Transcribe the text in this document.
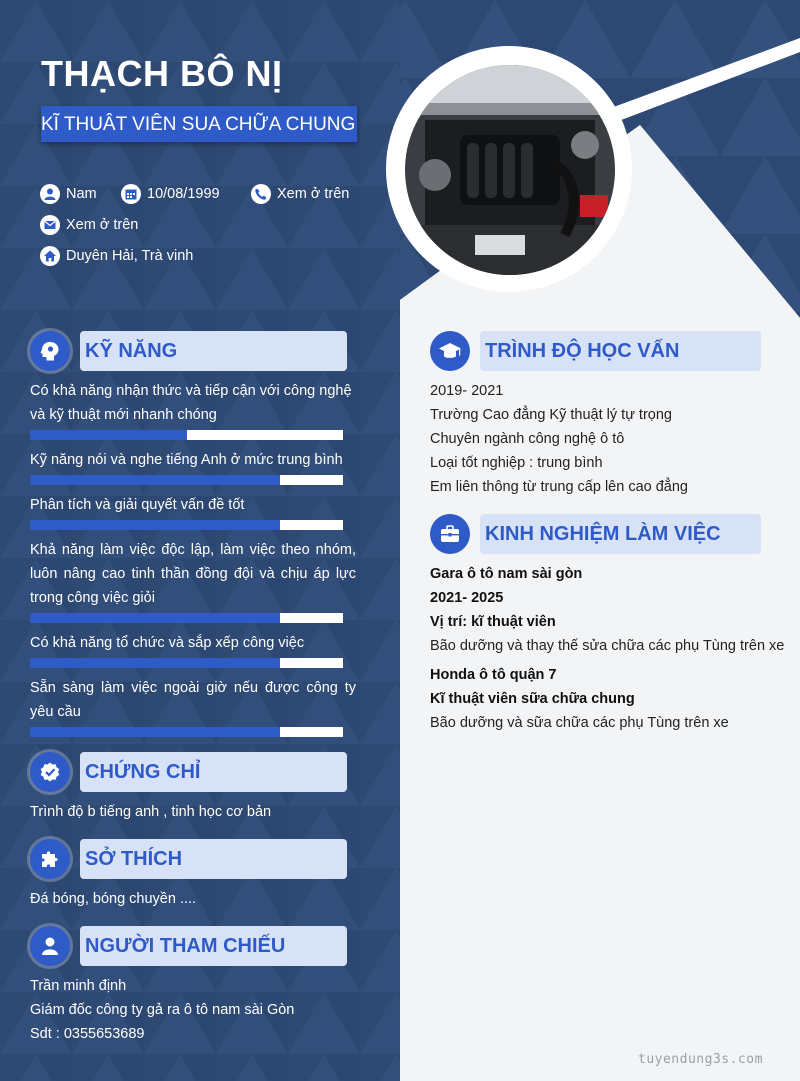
THẠCH BÔ NỊ
KĨ THUÂT VIÊN SUA CHỮA CHUNG
Nam	10/08/1999	Xem ở trên
Xem ở trên
Duyên Hải, Trà vinh
KỸ NĂNG
Có khả năng nhận thức và tiếp cận với công nghệ và kỹ thuật mới nhanh chóng
Kỹ năng nói và nghe tiếng Anh ở mức trung bình
Phân tích và giải quyết vấn đề tốt
Khả năng làm việc độc lập, làm việc theo nhóm, luôn nâng cao tinh thần đồng đội và chịu áp lực trong công việc giỏi
Có khả năng tổ chức và sắp xếp công việc
Sẵn sàng làm việc ngoài giờ nếu được công ty yêu cầu
CHỨNG CHỈ
Trình độ b tiếng anh , tinh học cơ bản
SỞ THÍCH
Đá bóng, bóng chuyền ....
NGƯỜI THAM CHIẾU
Trần minh định
Giám đốc công ty gả ra ô tô nam sài Gòn
Sdt : 0355653689
TRÌNH ĐỘ HỌC VẤN
2019- 2021
Trường Cao đẳng Kỹ thuật lý tự trọng
Chuyên ngành công nghệ ô tô
Loại tốt nghiệp : trung bình
Em liên thông từ trung cấp lên cao đẳng
KINH NGHIỆM LÀM VIỆC
Gara ô tô nam sài gòn
2021- 2025
Vị trí: kĩ thuật viên
Bão dưỡng và thay thế sửa chữa các phụ Tùng trên xe
Honda ô tô quận 7
Kĩ thuật viên sữa chữa chung
Bão dưỡng và sữa chữa các phụ Tùng trên xe
tuyendung3s.com
